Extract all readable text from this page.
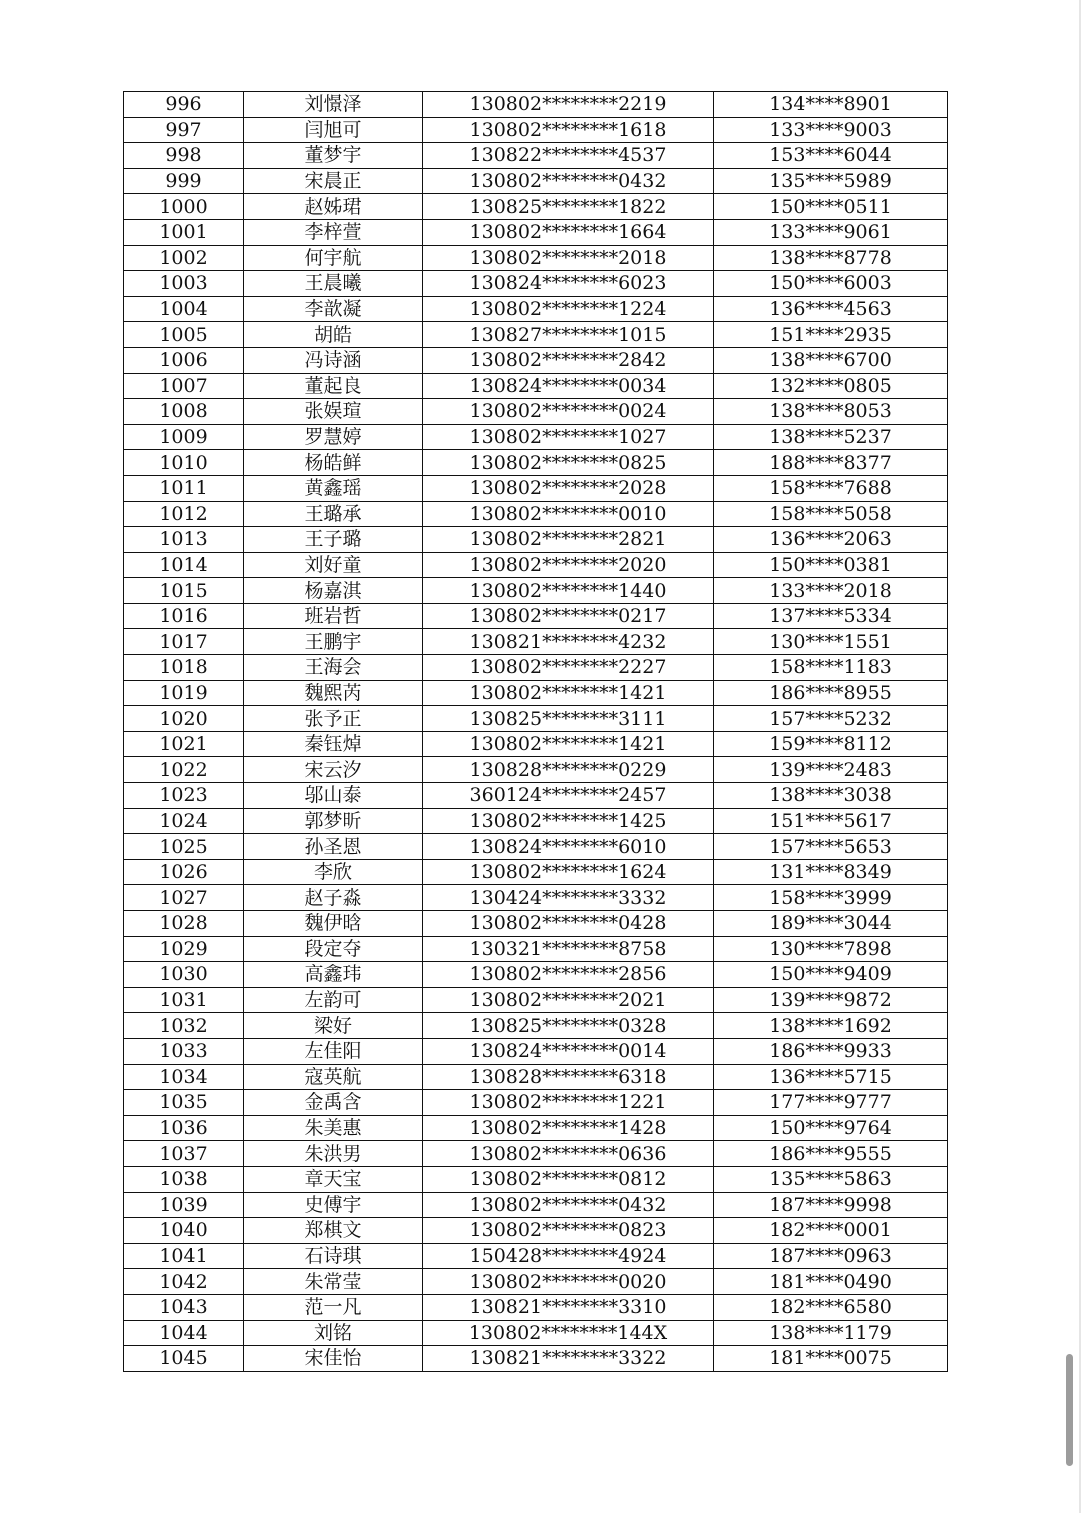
996	刘憬泽	130802********2219	134****8901
997	闫旭可	130802********1618	133****9003
998	董梦宇	130822********4537	153****6044
999	宋晨正	130802********0432	135****5989
1000	赵姊珺	130825********1822	150****0511
1001	李梓萱	130802********1664	133****9061
1002	何宇航	130802********2018	138****8778
1003	王晨曦	130824********6023	150****6003
1004	李歆凝	130802********1224	136****4563
1005	胡皓	130827********1015	151****2935
1006	冯诗涵	130802********2842	138****6700
1007	董起良	130824********0034	132****0805
1008	张娱瑄	130802********0024	138****8053
1009	罗慧婷	130802********1027	138****5237
1010	杨皓鲜	130802********0825	188****8377
1011	黄鑫瑶	130802********2028	158****7688
1012	王璐承	130802********0010	158****5058
1013	王子璐	130802********2821	136****2063
1014	刘好童	130802********2020	150****0381
1015	杨嘉淇	130802********1440	133****2018
1016	班岩哲	130802********0217	137****5334
1017	王鹏宇	130821********4232	130****1551
1018	王海会	130802********2227	158****1183
1019	魏熙芮	130802********1421	186****8955
1020	张予正	130825********3111	157****5232
1021	秦钰焯	130802********1421	159****8112
1022	宋云汐	130828********0229	139****2483
1023	邬山泰	360124********2457	138****3038
1024	郭梦昕	130802********1425	151****5617
1025	孙圣恩	130824********6010	157****5653
1026	李欣	130802********1624	131****8349
1027	赵子淼	130424********3332	158****3999
1028	魏伊晗	130802********0428	189****3044
1029	段定夺	130321********8758	130****7898
1030	高鑫玮	130802********2856	150****9409
1031	左韵可	130802********2021	139****9872
1032	梁好	130825********0328	138****1692
1033	左佳阳	130824********0014	186****9933
1034	寇英航	130828********6318	136****5715
1035	金禹含	130802********1221	177****9777
1036	朱美惠	130802********1428	150****9764
1037	朱洪男	130802********0636	186****9555
1038	章天宝	130802********0812	135****5863
1039	史傅宇	130802********0432	187****9998
1040	郑棋文	130802********0823	182****0001
1041	石诗琪	150428********4924	187****0963
1042	朱常莹	130802********0020	181****0490
1043	范一凡	130821********3310	182****6580
1044	刘铭	130802********144X	138****1179
1045	宋佳怡	130821********3322	181****0075
